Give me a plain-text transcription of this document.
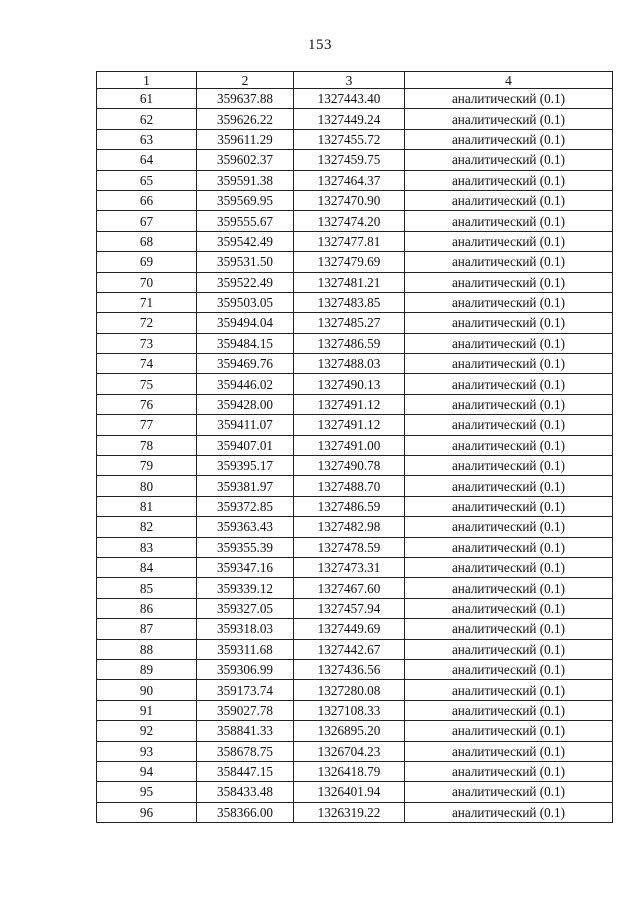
153
1	2	3	4
61	359637.88	1327443.40	аналитический (0.1)
62	359626.22	1327449.24	аналитический (0.1)
63	359611.29	1327455.72	аналитический (0.1)
64	359602.37	1327459.75	аналитический (0.1)
65	359591.38	1327464.37	аналитический (0.1)
66	359569.95	1327470.90	аналитический (0.1)
67	359555.67	1327474.20	аналитический (0.1)
68	359542.49	1327477.81	аналитический (0.1)
69	359531.50	1327479.69	аналитический (0.1)
70	359522.49	1327481.21	аналитический (0.1)
71	359503.05	1327483.85	аналитический (0.1)
72	359494.04	1327485.27	аналитический (0.1)
73	359484.15	1327486.59	аналитический (0.1)
74	359469.76	1327488.03	аналитический (0.1)
75	359446.02	1327490.13	аналитический (0.1)
76	359428.00	1327491.12	аналитический (0.1)
77	359411.07	1327491.12	аналитический (0.1)
78	359407.01	1327491.00	аналитический (0.1)
79	359395.17	1327490.78	аналитический (0.1)
80	359381.97	1327488.70	аналитический (0.1)
81	359372.85	1327486.59	аналитический (0.1)
82	359363.43	1327482.98	аналитический (0.1)
83	359355.39	1327478.59	аналитический (0.1)
84	359347.16	1327473.31	аналитический (0.1)
85	359339.12	1327467.60	аналитический (0.1)
86	359327.05	1327457.94	аналитический (0.1)
87	359318.03	1327449.69	аналитический (0.1)
88	359311.68	1327442.67	аналитический (0.1)
89	359306.99	1327436.56	аналитический (0.1)
90	359173.74	1327280.08	аналитический (0.1)
91	359027.78	1327108.33	аналитический (0.1)
92	358841.33	1326895.20	аналитический (0.1)
93	358678.75	1326704.23	аналитический (0.1)
94	358447.15	1326418.79	аналитический (0.1)
95	358433.48	1326401.94	аналитический (0.1)
96	358366.00	1326319.22	аналитический (0.1)
